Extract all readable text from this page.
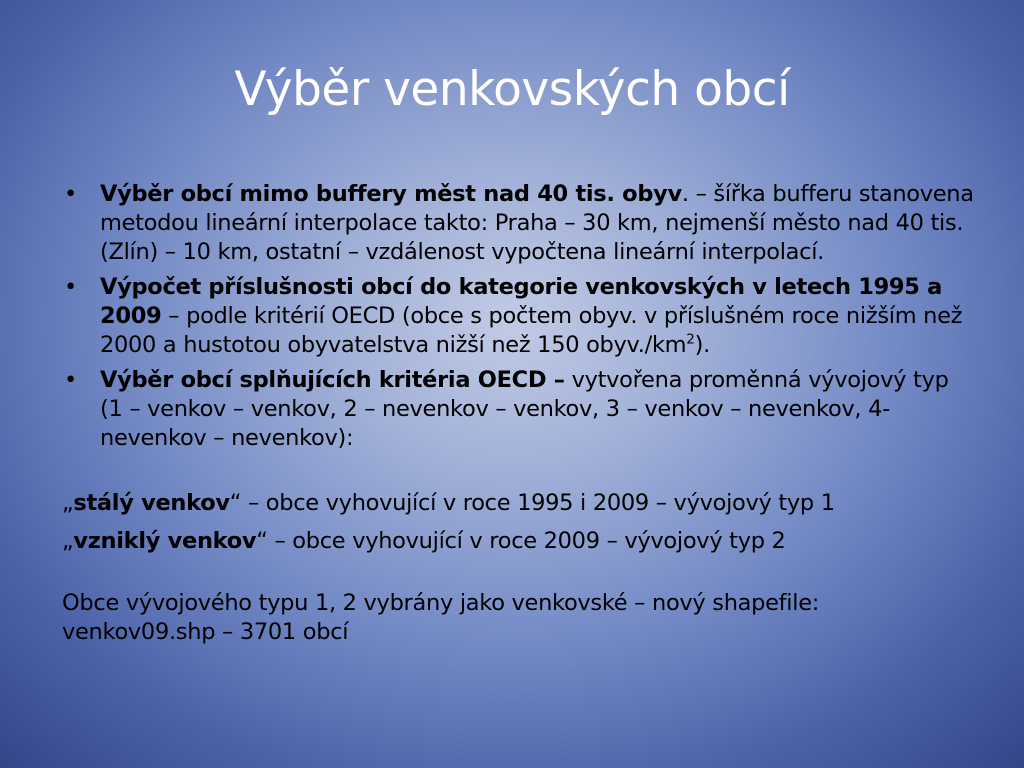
Výběr venkovských obcí
• Výběr obcí mimo buffery měst nad 40 tis. obyv. – šířka bufferu stanovena metodou lineární interpolace takto: Praha – 30 km, nejmenší město nad 40 tis. (Zlín) – 10 km, ostatní – vzdálenost vypočtena lineární interpolací.
• Výpočet příslušnosti obcí do kategorie venkovských v letech 1995 a 2009 – podle kritérií OECD (obce s počtem obyv. v příslušném roce nižším než 2000 a hustotou obyvatelstva nižší než 150 $obyv./km^2$).
• Výběr obcí splňujících kritéria OECD – vytvořena proměnná vývojový typ (1 – venkov – venkov, 2 – nevenkov – venkov, 3 – venkov – nevenkov, 4- nevenkov – nevenkov):

„stálý venkov“ – obce vyhovující v roce 1995 i 2009 – vývojový typ 1

„vzniklý venkov“ – obce vyhovující v roce 2009 – vývojový typ 2

Obce vývojového typu 1, 2 vybrány jako venkovské – nový shapefile: venkov09.shp – 3701 obcí
